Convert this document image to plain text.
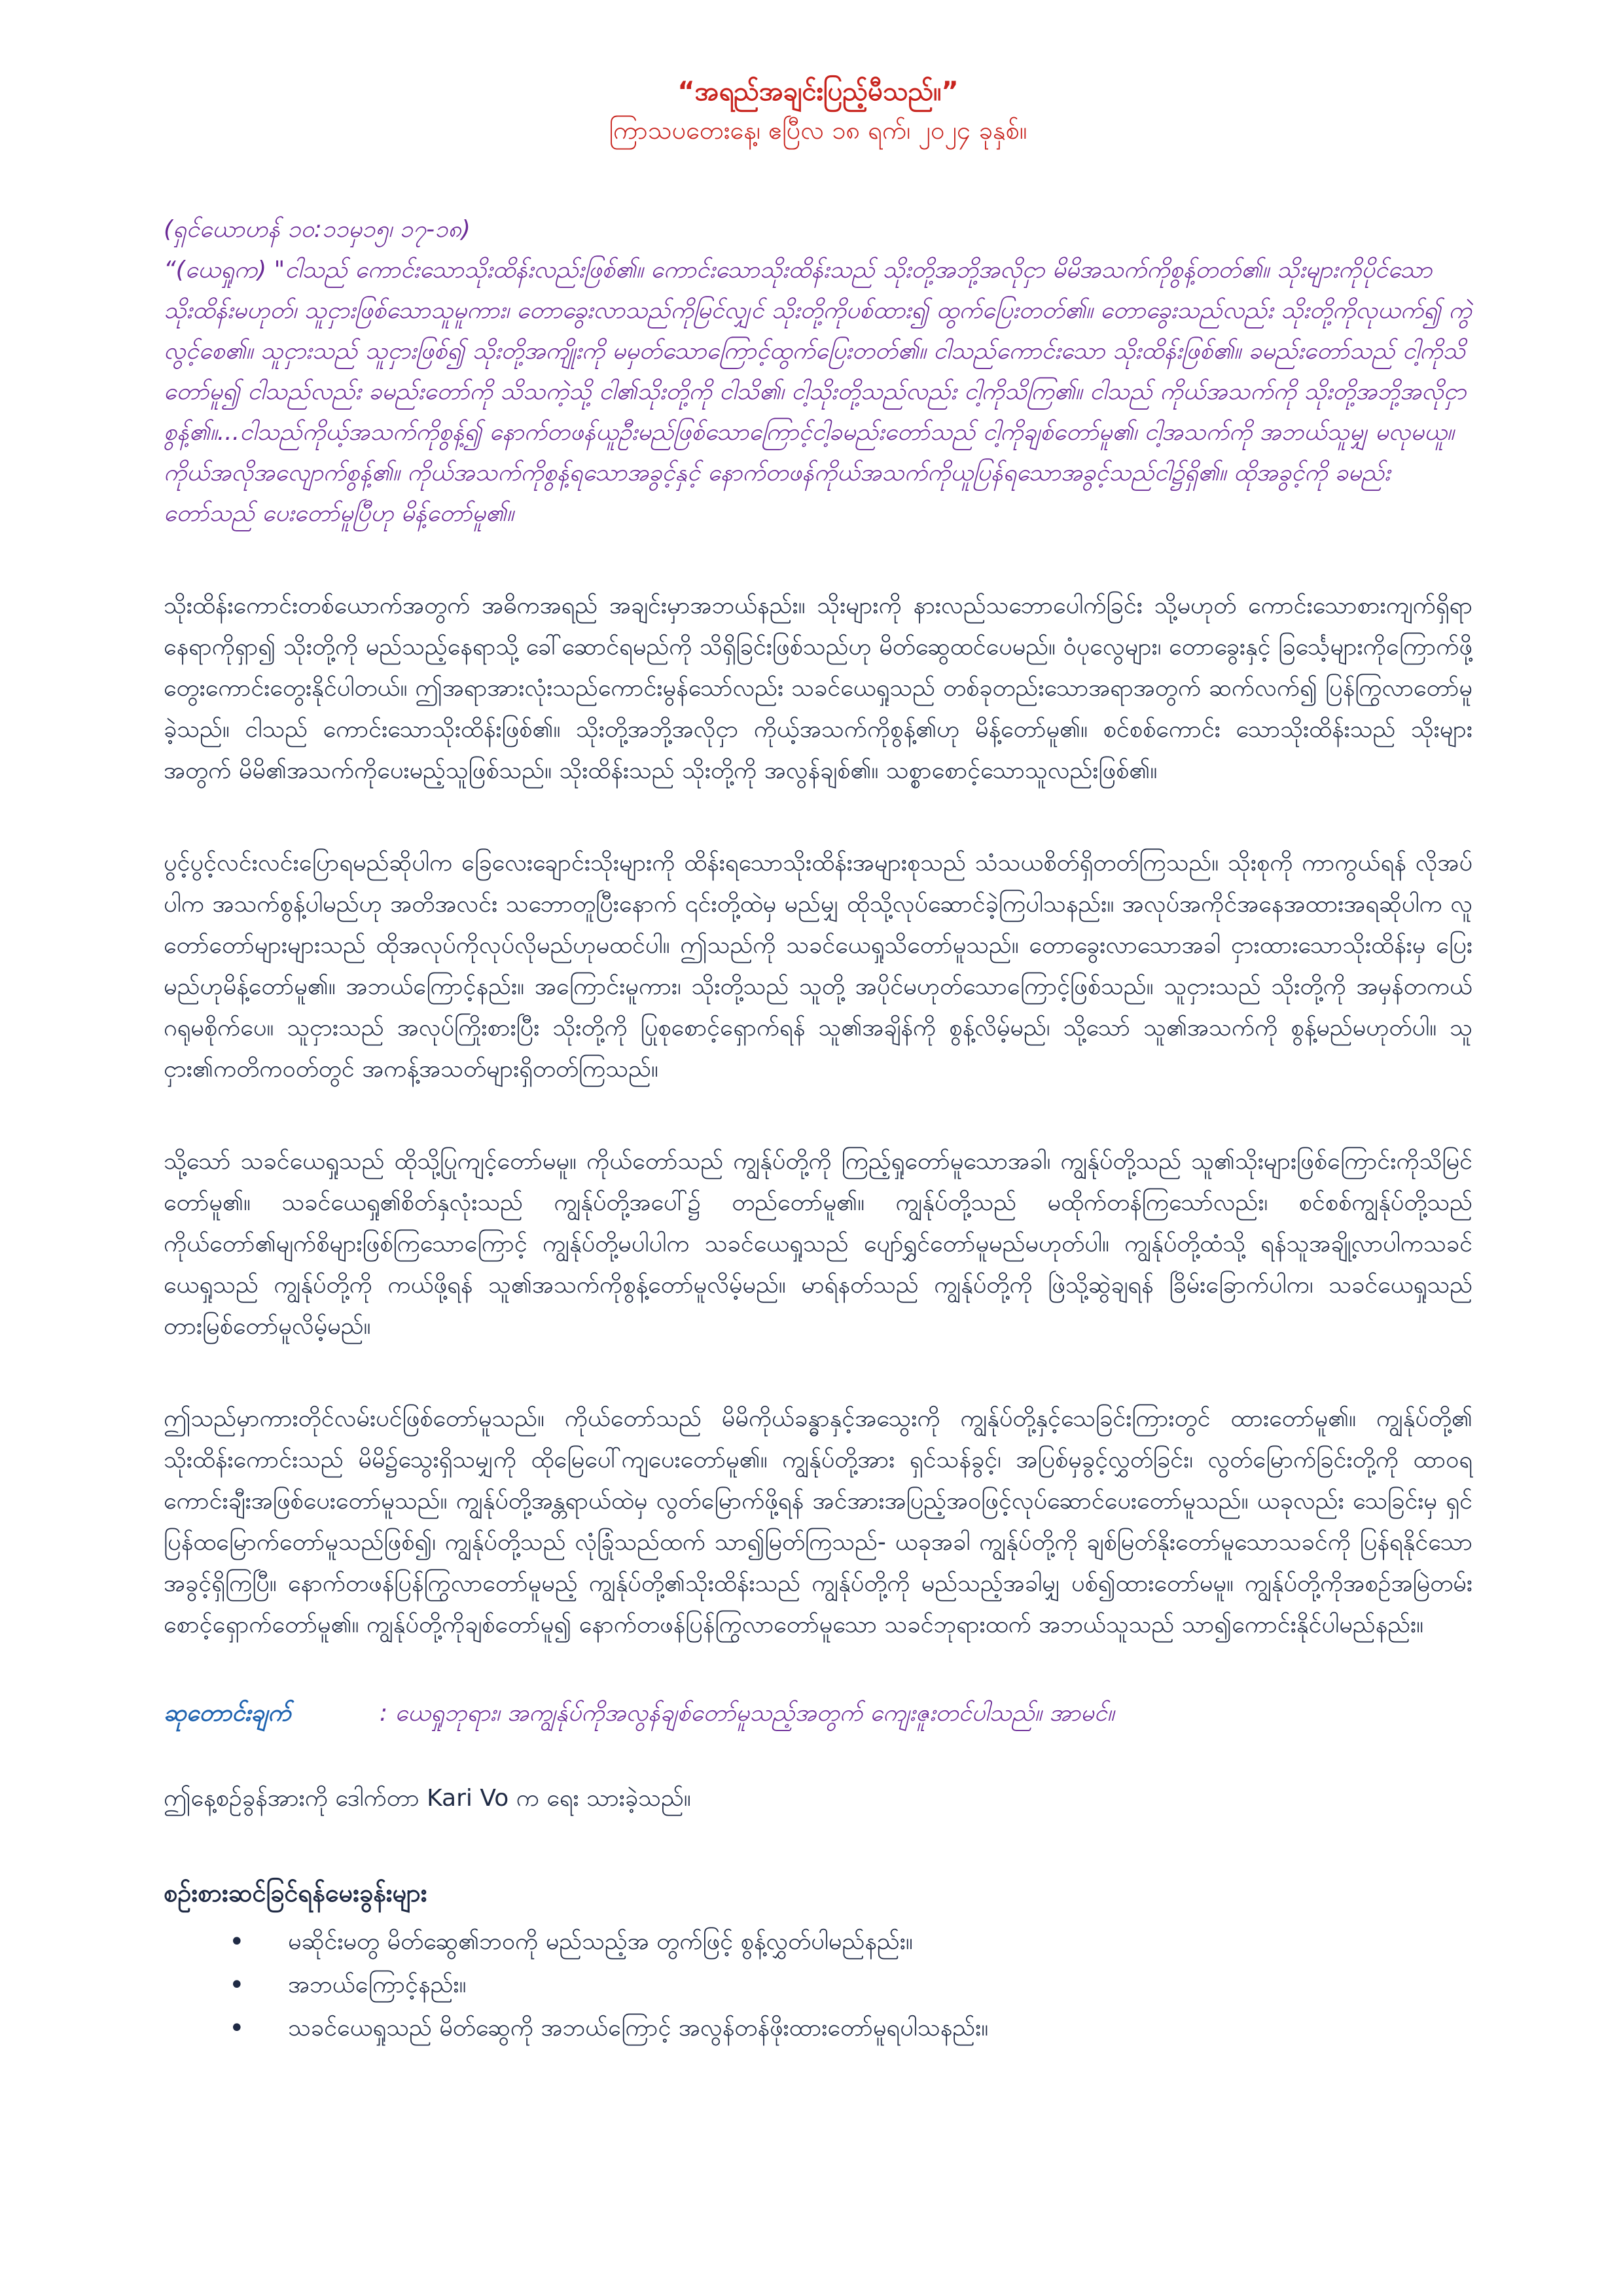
“အရည်အချင်းပြည့်မီသည်။”

ကြာသပတေးနေ့၊ ဧပြီလ ၁၈ ရက်၊ ၂၀၂၄ ခုနှစ်။

(ရှင်ယောဟန် ၁၀:၁၁မှ၁၅၊ ၁၇-၁၈)
“(ယေရှုက) "ငါသည် ကောင်းသောသိုးထိန်းလည်းဖြစ်၏။ ကောင်းသောသိုးထိန်းသည် သိုးတို့အဘို့အလိုငှာ မိမိအသက်ကိုစွန့်တတ်၏။ သိုးများကိုပိုင်သော သိုးထိန်းမဟုတ်၊ သူငှားဖြစ်သောသူမူကား၊ တောခွေးလာသည်ကိုမြင်လျှင် သိုးတို့ကိုပစ်ထား၍ ထွက်ပြေးတတ်၏။ တောခွေးသည်လည်း သိုးတို့ကိုလုယက်၍ ကွဲလွင့်စေ၏။ သူငှားသည် သူငှားဖြစ်၍ သိုးတို့အကျိုးကို မမှတ်သောကြောင့်ထွက်ပြေးတတ်၏။ ငါသည်ကောင်းသော သိုးထိန်းဖြစ်၏။ ခမည်းတော်သည် ငါ့ကိုသိတော်မူ၍ ငါသည်လည်း ခမည်းတော်ကို သိသကဲ့သို့ ငါ၏သိုးတို့ကို ငါသိ၏၊ ငါ့သိုးတို့သည်လည်း ငါ့ကိုသိကြ၏။ ငါသည် ကိုယ်အသက်ကို သိုးတို့အဘို့အလိုငှာစွန့်၏။...ငါသည်ကိုယ့်အသက်ကိုစွန့်၍ နောက်တဖန်ယူဦးမည်ဖြစ်သောကြောင့်ငါ့ခမည်းတော်သည် ငါ့ကိုချစ်တော်မူ၏၊ ငါ့အသက်ကို အဘယ်သူမျှ မလုမယူ။ ကိုယ်အလိုအလျောက်စွန့်၏။ ကိုယ်အသက်ကိုစွန့်ရသောအခွင့်နှင့် နောက်တဖန်ကိုယ်အသက်ကိုယူပြန်ရသောအခွင့်သည်ငါ၌ရှိ၏။ ထိုအခွင့်ကို ခမည်းတော်သည် ပေးတော်မူပြီဟု မိန့်တော်မူ၏။

သိုးထိန်းကောင်းတစ်ယောက်အတွက် အဓိကအရည် အချင်းမှာအဘယ်နည်း။ သိုးများကို နားလည်သဘောပေါက်ခြင်း သို့မဟုတ် ကောင်းသောစားကျက်ရှိရာနေရာကိုရှာ၍ သိုးတို့ကို မည်သည့်နေရာသို့ ခေါ်ဆောင်ရမည်ကို သိရှိခြင်းဖြစ်သည်ဟု မိတ်ဆွေထင်ပေမည်။ ဝံပုလွေများ၊ တောခွေးနှင့် ခြင်္သေ့များကိုကြောက်ဖို့ တွေးကောင်းတွေးနိုင်ပါတယ်။ ဤအရာအားလုံးသည်ကောင်းမွန်သော်လည်း သခင်ယေရှုသည် တစ်ခုတည်းသောအရာအတွက် ဆက်လက်၍ ပြန်ကြွလာတော်မူခဲ့သည်။ ငါသည် ကောင်းသောသိုးထိန်းဖြစ်၏။ သိုးတို့အဘို့အလိုငှာ ကိုယ့်အသက်ကိုစွန့်၏ဟု မိန့်တော်မူ၏။ စင်စစ်ကောင်း သောသိုးထိန်းသည် သိုးများအတွက် မိမိ၏အသက်ကိုပေးမည့်သူဖြစ်သည်။ သိုးထိန်းသည် သိုးတို့ကို အလွန်ချစ်၏။ သစ္စာစောင့်သောသူလည်းဖြစ်၏။

ပွင့်ပွင့်လင်းလင်းပြောရမည်ဆိုပါက ခြေလေးချောင်းသိုးများကို ထိန်းရသောသိုးထိန်းအများစုသည် သံသယစိတ်ရှိတတ်ကြသည်။ သိုးစုကို ကာကွယ်ရန် လိုအပ်ပါက အသက်စွန့်ပါမည်ဟု အတိအလင်း သဘောတူပြီးနောက် ၎င်းတို့ထဲမှ မည်မျှ ထိုသို့လုပ်ဆောင်ခဲ့ကြပါသနည်း။ အလုပ်အကိုင်အနေအထားအရဆိုပါက လူတော်တော်များများသည် ထိုအလုပ်ကိုလုပ်လိုမည်ဟုမထင်ပါ။ ဤသည်ကို သခင်ယေရှုသိတော်မူသည်။ တောခွေးလာသောအခါ ငှားထားသောသိုးထိန်းမှ ပြေးမည်ဟုမိန့်တော်မူ၏။ အဘယ်ကြောင့်နည်း။ အကြောင်းမူကား၊ သိုးတို့သည် သူတို့ အပိုင်မဟုတ်သောကြောင့်ဖြစ်သည်။ သူငှားသည် သိုးတို့ကို အမှန်တကယ်ဂရုမစိုက်ပေ။ သူငှားသည် အလုပ်ကြိုးစားပြီး သိုးတို့ကို ပြုစုစောင့်ရှောက်ရန် သူ၏အချိန်ကို စွန့်လိမ့်မည်၊ သို့သော် သူ၏အသက်ကို စွန့်မည်မဟုတ်ပါ။ သူငှား၏ကတိကဝတ်တွင် အကန့်အသတ်များရှိတတ်ကြသည်။

သို့သော် သခင်ယေရှုသည် ထိုသို့ပြုကျင့်တော်မမူ။ ကိုယ်တော်သည် ကျွန်ုပ်တို့ကို ကြည့်ရှုတော်မူသောအခါ၊ ကျွန်ုပ်တို့သည် သူ၏သိုးများဖြစ်ကြောင်းကိုသိမြင်တော်မူ၏။ သခင်ယေရှု၏စိတ်နှလုံးသည် ကျွန်ုပ်တို့အပေါ်၌ တည်တော်မူ၏။ ကျွန်ုပ်တို့သည် မထိုက်တန်ကြသော်လည်း၊ စင်စစ်ကျွန်ုပ်တို့သည် ကိုယ်တော်၏မျက်စိများဖြစ်ကြသောကြောင့် ကျွန်ုပ်တို့မပါပါက သခင်ယေရှုသည် ပျော်ရွှင်တော်မူမည်မဟုတ်ပါ။ ကျွန်ုပ်တို့ထံသို့ ရန်သူအချို့လာပါကသခင်ယေရှုသည် ကျွန်ုပ်တို့ကို ကယ်ဖို့ရန် သူ၏အသက်ကိုစွန့်တော်မူလိမ့်မည်။ မာရ်နတ်သည် ကျွန်ုပ်တို့ကို ဖြဲသို့ဆွဲချရန် ခြိမ်းခြောက်ပါက၊ သခင်ယေရှုသည် တားမြစ်တော်မူလိမ့်မည်။

ဤသည်မှာကားတိုင်လမ်းပင်ဖြစ်တော်မူသည်။ ကိုယ်တော်သည် မိမိကိုယ်ခန္ဓာနှင့်အသွေးကို ကျွန်ုပ်တို့နှင့်သေခြင်းကြားတွင် ထားတော်မူ၏။ ကျွန်ုပ်တို့၏ သိုးထိန်းကောင်းသည် မိမိ၌သွေးရှိသမျှကို ထိုမြေပေါ်ကျပေးတော်မူ၏။ ကျွန်ုပ်တို့အား ရှင်သန်ခွင့်၊ အပြစ်မှခွင့်လွှတ်ခြင်း၊ လွတ်မြောက်ခြင်းတို့ကို ထာဝရကောင်းချီးအဖြစ်ပေးတော်မူသည်။ ကျွန်ုပ်တို့အန္တရာယ်ထဲမှ လွတ်မြောက်ဖို့ရန် အင်အားအပြည့်အဝဖြင့်လုပ်ဆောင်ပေးတော်မူသည်။ ယခုလည်း သေခြင်းမှ ရှင်ပြန်ထမြောက်တော်မူသည်ဖြစ်၍၊ ကျွန်ုပ်တို့သည် လုံခြုံသည်ထက် သာ၍မြတ်ကြသည်- ယခုအခါ ကျွန်ုပ်တို့ကို ချစ်မြတ်နိုးတော်မူသောသခင်ကို ပြန်ရနိုင်သော အခွင့်ရှိကြပြီ။ နောက်တဖန်ပြန်ကြွလာတော်မူမည့် ကျွန်ုပ်တို့၏သိုးထိန်းသည် ကျွန်ုပ်တို့ကို မည်သည့်အခါမျှ ပစ်၍ထားတော်မမူ။ ကျွန်ုပ်တို့ကိုအစဉ်အမြဲတမ်းစောင့်ရှောက်တော်မူ၏။ ကျွန်ုပ်တို့ကိုချစ်တော်မူ၍ နောက်တဖန်ပြန်ကြွလာတော်မူသော သခင်ဘုရားထက် အဘယ်သူသည် သာ၍ကောင်းနိုင်ပါမည်နည်း။

ဆုတောင်းချက်	: ယေရှုဘုရား၊ အကျွန်ုပ်ကိုအလွန်ချစ်တော်မူသည့်အတွက် ကျေးဇူးတင်ပါသည်။ အာမင်။

ဤနေ့စဉ်ခွန်အားကို ဒေါက်တာ Kari Vo က ရေး သားခဲ့သည်။

စဉ်းစားဆင်ခြင်ရန်မေးခွန်းများ

• မဆိုင်းမတွ မိတ်ဆွေ၏ဘဝကို မည်သည့်အ တွက်ဖြင့် စွန့်လွှတ်ပါမည်နည်း။
• အဘယ်ကြောင့်နည်း။
• သခင်ယေရှုသည် မိတ်ဆွေကို အဘယ်ကြောင့် အလွန်တန်ဖိုးထားတော်မူရပါသနည်း။
